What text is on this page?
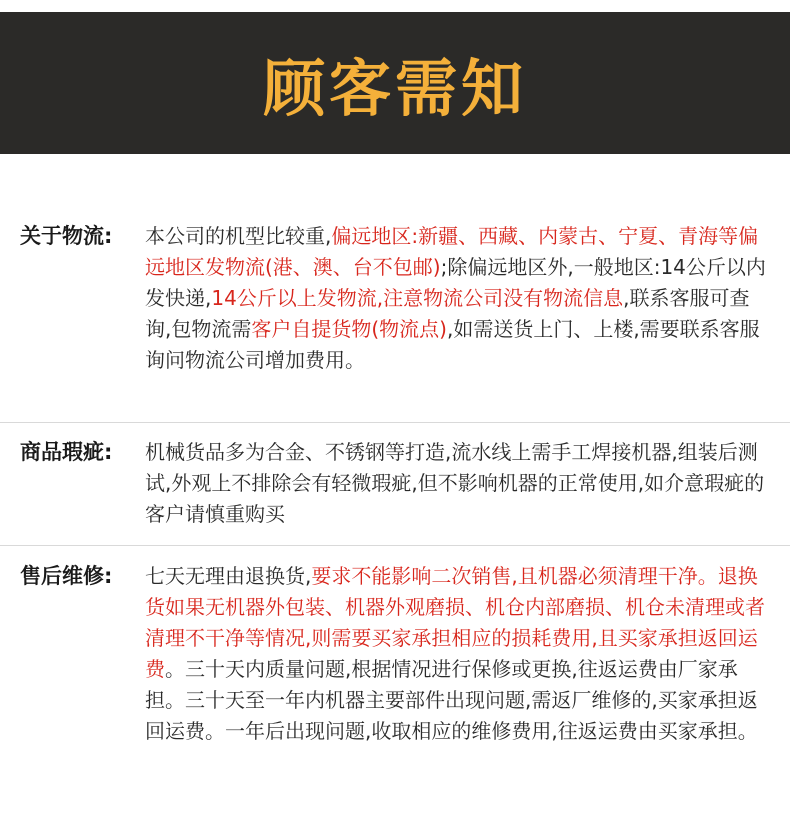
顾客需知
关于物流: 本公司的机型比较重,偏远地区:新疆、西藏、内蒙古、宁夏、青海等偏远地区发物流(港、澳、台不包邮);除偏远地区外,一般地区:14公斤以内发快递,14公斤以上发物流,注意物流公司没有物流信息,联系客服可查询,包物流需客户自提货物(物流点),如需送货上门、上楼,需要联系客服询问物流公司增加费用。
商品瑕疵: 机械货品多为合金、不锈钢等打造,流水线上需手工焊接机器,组装后测试,外观上不排除会有轻微瑕疵,但不影响机器的正常使用,如介意瑕疵的客户请慎重购买
售后维修: 七天无理由退换货,要求不能影响二次销售,且机器必须清理干净。退换货如果无机器外包装、机器外观磨损、机仓内部磨损、机仓未清理或者清理不干净等情况,则需要买家承担相应的损耗费用,且买家承担返回运费。三十天内质量问题,根据情况进行保修或更换,往返运费由厂家承担。三十天至一年内机器主要部件出现问题,需返厂维修的,买家承担返回运费。一年后出现问题,收取相应的维修费用,往返运费由买家承担。
